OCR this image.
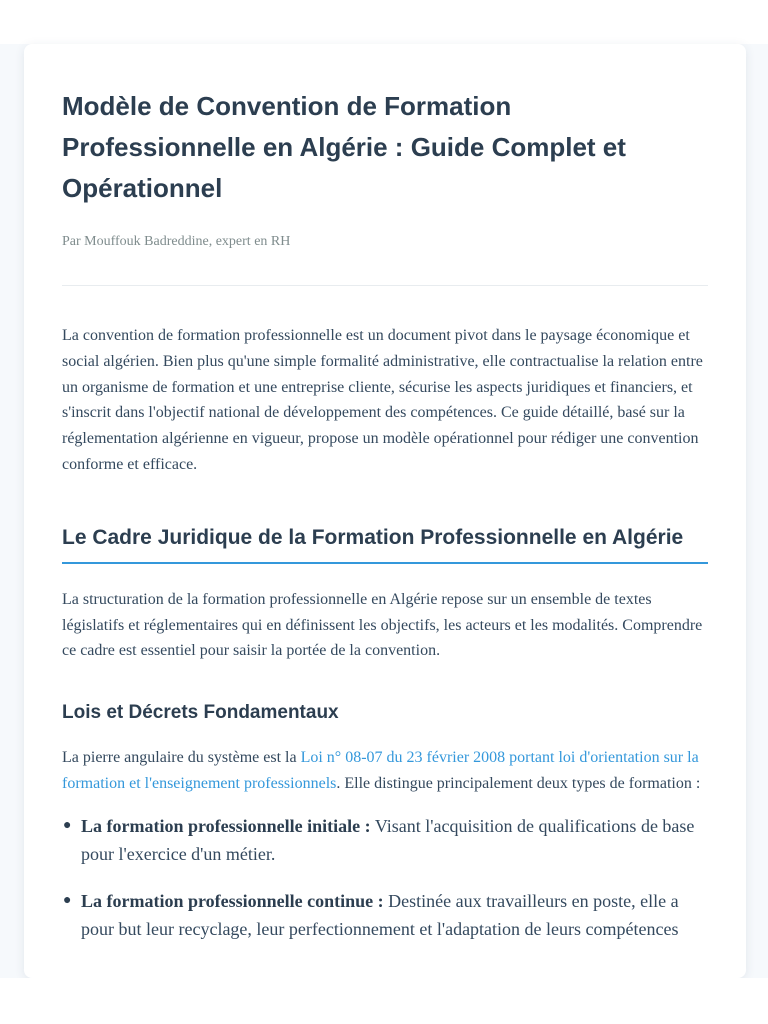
Modèle de Convention de Formation Professionnelle en Algérie : Guide Complet et Opérationnel
Par Mouffouk Badreddine, expert en RH

La convention de formation professionnelle est un document pivot dans le paysage économique et social algérien. Bien plus qu'une simple formalité administrative, elle contractualise la relation entre un organisme de formation et une entreprise cliente, sécurise les aspects juridiques et financiers, et s'inscrit dans l'objectif national de développement des compétences. Ce guide détaillé, basé sur la réglementation algérienne en vigueur, propose un modèle opérationnel pour rédiger une convention conforme et efficace.

Le Cadre Juridique de la Formation Professionnelle en Algérie

La structuration de la formation professionnelle en Algérie repose sur un ensemble de textes législatifs et réglementaires qui en définissent les objectifs, les acteurs et les modalités. Comprendre ce cadre est essentiel pour saisir la portée de la convention.

Lois et Décrets Fondamentaux

La pierre angulaire du système est la Loi n° 08-07 du 23 février 2008 portant loi d'orientation sur la formation et l'enseignement professionnels. Elle distingue principalement deux types de formation :

● La formation professionnelle initiale : Visant l'acquisition de qualifications de base pour l'exercice d'un métier.
● La formation professionnelle continue : Destinée aux travailleurs en poste, elle a pour but leur recyclage, leur perfectionnement et l'adaptation de leurs compétences
